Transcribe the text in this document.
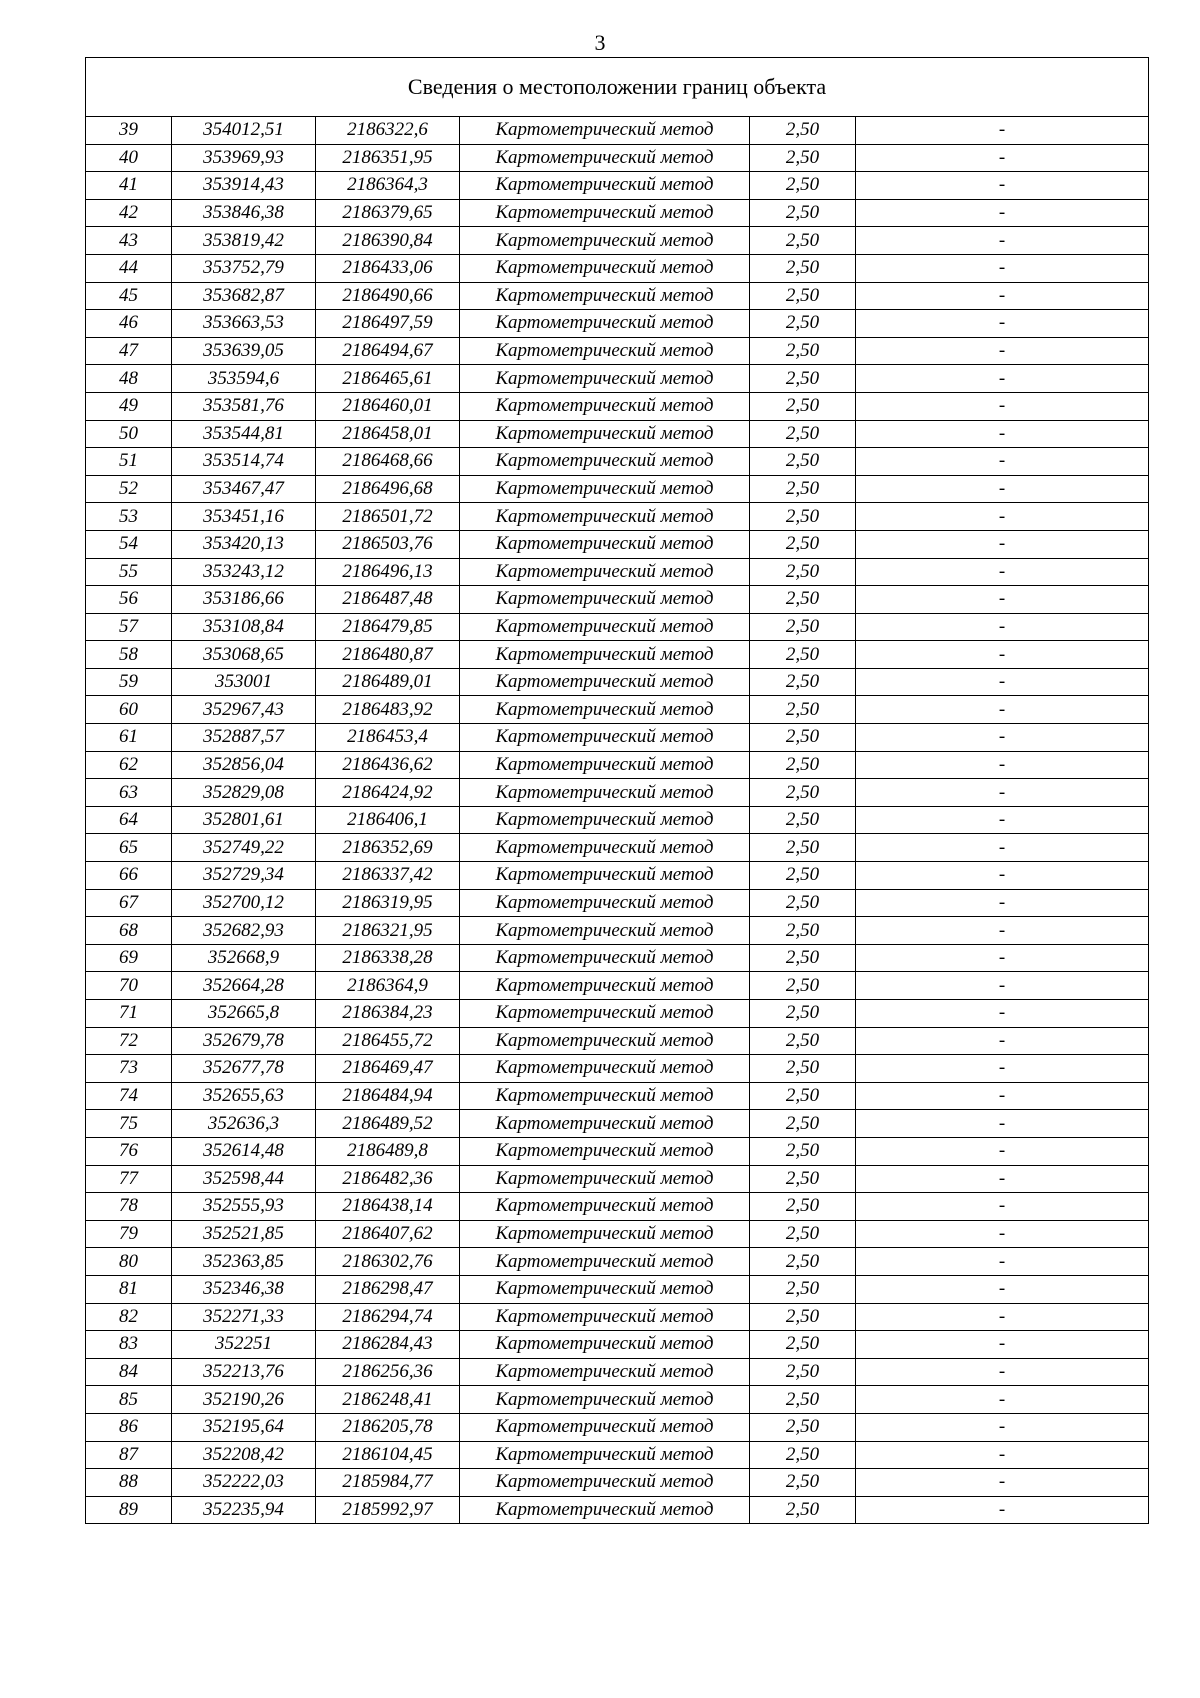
3
Сведения о местоположении границ объекта					
39	354012,51	2186322,6	Картометрический метод	2,50	-
40	353969,93	2186351,95	Картометрический метод	2,50	-
41	353914,43	2186364,3	Картометрический метод	2,50	-
42	353846,38	2186379,65	Картометрический метод	2,50	-
43	353819,42	2186390,84	Картометрический метод	2,50	-
44	353752,79	2186433,06	Картометрический метод	2,50	-
45	353682,87	2186490,66	Картометрический метод	2,50	-
46	353663,53	2186497,59	Картометрический метод	2,50	-
47	353639,05	2186494,67	Картометрический метод	2,50	-
48	353594,6	2186465,61	Картометрический метод	2,50	-
49	353581,76	2186460,01	Картометрический метод	2,50	-
50	353544,81	2186458,01	Картометрический метод	2,50	-
51	353514,74	2186468,66	Картометрический метод	2,50	-
52	353467,47	2186496,68	Картометрический метод	2,50	-
53	353451,16	2186501,72	Картометрический метод	2,50	-
54	353420,13	2186503,76	Картометрический метод	2,50	-
55	353243,12	2186496,13	Картометрический метод	2,50	-
56	353186,66	2186487,48	Картометрический метод	2,50	-
57	353108,84	2186479,85	Картометрический метод	2,50	-
58	353068,65	2186480,87	Картометрический метод	2,50	-
59	353001	2186489,01	Картометрический метод	2,50	-
60	352967,43	2186483,92	Картометрический метод	2,50	-
61	352887,57	2186453,4	Картометрический метод	2,50	-
62	352856,04	2186436,62	Картометрический метод	2,50	-
63	352829,08	2186424,92	Картометрический метод	2,50	-
64	352801,61	2186406,1	Картометрический метод	2,50	-
65	352749,22	2186352,69	Картометрический метод	2,50	-
66	352729,34	2186337,42	Картометрический метод	2,50	-
67	352700,12	2186319,95	Картометрический метод	2,50	-
68	352682,93	2186321,95	Картометрический метод	2,50	-
69	352668,9	2186338,28	Картометрический метод	2,50	-
70	352664,28	2186364,9	Картометрический метод	2,50	-
71	352665,8	2186384,23	Картометрический метод	2,50	-
72	352679,78	2186455,72	Картометрический метод	2,50	-
73	352677,78	2186469,47	Картометрический метод	2,50	-
74	352655,63	2186484,94	Картометрический метод	2,50	-
75	352636,3	2186489,52	Картометрический метод	2,50	-
76	352614,48	2186489,8	Картометрический метод	2,50	-
77	352598,44	2186482,36	Картометрический метод	2,50	-
78	352555,93	2186438,14	Картометрический метод	2,50	-
79	352521,85	2186407,62	Картометрический метод	2,50	-
80	352363,85	2186302,76	Картометрический метод	2,50	-
81	352346,38	2186298,47	Картометрический метод	2,50	-
82	352271,33	2186294,74	Картометрический метод	2,50	-
83	352251	2186284,43	Картометрический метод	2,50	-
84	352213,76	2186256,36	Картометрический метод	2,50	-
85	352190,26	2186248,41	Картометрический метод	2,50	-
86	352195,64	2186205,78	Картометрический метод	2,50	-
87	352208,42	2186104,45	Картометрический метод	2,50	-
88	352222,03	2185984,77	Картометрический метод	2,50	-
89	352235,94	2185992,97	Картометрический метод	2,50	-
